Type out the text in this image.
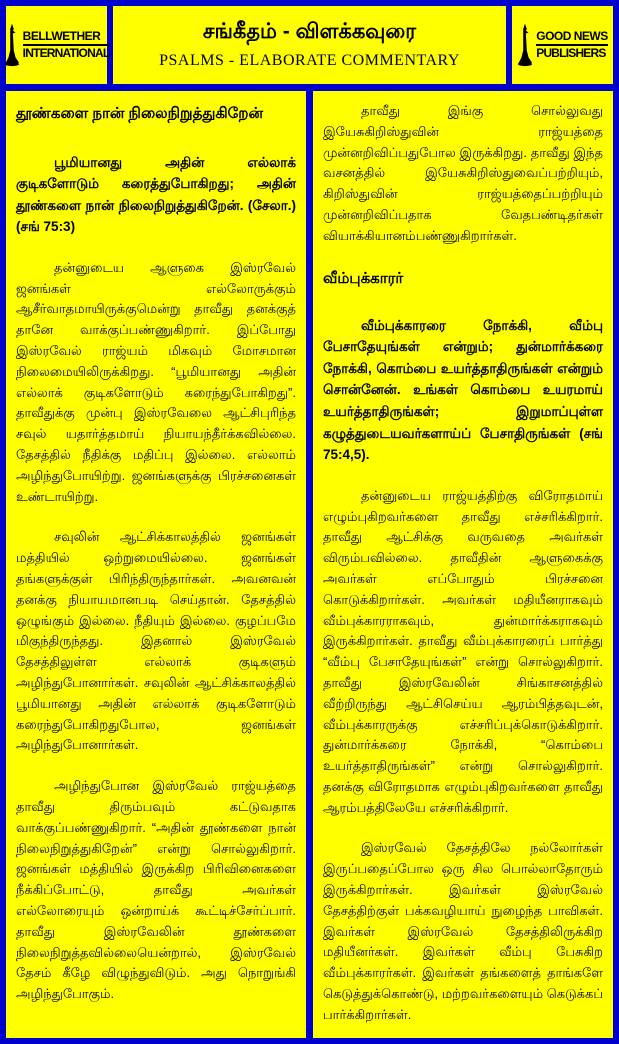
BELLWETHER
INTERNATIONAL
சங்கீதம் - விளக்கவுரை
PSALMS - ELABORATE COMMENTARY
GOOD NEWS
PUBLISHERS
தூண்களை நான் நிலைநிறுத்துகிறேன்

பூமியானது அதின் எல்லாக் குடிகளோடும் கரைத்துபோகிறது; அதின் தூண்களை நான் நிலைநிறுத்துகிறேன். (சேலா.) (சங் 75:3)

தன்னுடைய ஆளுகை இஸ்ரவேல் ஜனங்கள் எல்லோருக்கும் ஆசீர்வாதமாயிருக்குமென்று தாவீது தனக்குத் தானே வாக்குப்பண்ணுகிறார். இப்போது இஸ்ரவேல் ராஜ்யம் மிகவும் மோசமான நிலைமையிலிருக்கிறது. “பூமியானது அதின் எல்லாக் குடிகளோடும் கரைந்துபோகிறது”. தாவீதுக்கு முன்பு இஸ்ரவேலை ஆட்சிபுரிந்த சவுல் யதார்த்தமாய் நியாயந்தீர்க்கவில்லை. தேசத்தில் நீதிக்கு மதிப்பு இல்லை. எல்லாம் அழிந்துபோயிற்று. ஜனங்களுக்கு பிரச்சனைகள் உண்டாயிற்று.

சவுலின் ஆட்சிக்காலத்தில் ஜனங்கள் மத்தியில் ஒற்றுமையில்லை. ஜனங்கள் தங்களுக்குள் பிரிந்திருந்தார்கள். அவனவன் தனக்கு நியாயமானபடி செய்தான். தேசத்தில் ஒழுங்கும் இல்லை. நீதியும் இல்லை. குழப்பமே மிகுந்திருந்தது. இதனால் இஸ்ரவேல் தேசத்திலுள்ள எல்லாக் குடிகளும் அழிந்துபோனார்கள். சவுலின் ஆட்சிக்காலத்தில் பூமியானது அதின் எல்லாக் குடிகளோடும் கரைந்துபோகிறதுபோல, ஜனங்கள் அழிந்துபோனார்கள்.

அழிந்துபோன இஸ்ரவேல் ராஜ்யத்தை தாவீது திரும்பவும் கட்டுவதாக வாக்குப்பண்ணுகிறார். “அதின் தூண்களை நான் நிலைநிறுத்துகிறேன்” என்று சொல்லுகிறார். ஜனங்கள் மத்தியில் இருக்கிற பிரிவினைகளை நீக்கிப்போட்டு, தாவீது அவர்கள் எல்லோரையும் ஒன்றாய்க் கூட்டிச்சேர்ப்பார். தாவீது இஸ்ரவேலின் தூண்களை நிலைநிறுத்தவில்லையென்றால், இஸ்ரவேல் தேசம் கீழே விழுந்துவிடும். அது நொறுங்கி அழிந்துபோகும்.

தாவீது இங்கு சொல்லுவது இயேசுகிறிஸ்துவின் ராஜ்யத்தை முன்னறிவிப்பதுபோல இருக்கிறது. தாவீது இந்த வசனத்தில் இயேசுகிறிஸ்துவைப்பற்றியும், கிறிஸ்துவின் ராஜ்யத்தைப்பற்றியும் முன்னறிவிப்பதாக வேதபண்டிதர்கள் வியாக்கியானம்பண்ணுகிறார்கள்.

வீம்புக்காரர்

வீம்புக்காரரை நோக்கி, வீம்பு பேசாதேயுங்கள் என்றும்; துன்மார்க்கரை நோக்கி, கொம்பை உயர்த்தாதிருங்கள் என்றும் சொன்னேன். உங்கள் கொம்பை உயரமாய் உயர்த்தாதிருங்கள்; இறுமாப்புள்ள கழுத்துடையவர்களாய்ப் பேசாதிருங்கள் (சங் 75:4,5).

தன்னுடைய ராஜ்யத்திற்கு விரோதமாய் எழும்புகிறவர்களை தாவீது எச்சரிக்கிறார். தாவீது ஆட்சிக்கு வருவதை அவர்கள் விரும்பவில்லை. தாவீதின் ஆளுகைக்கு அவர்கள் எப்போதும் பிரச்சனை கொடுக்கிறார்கள். அவர்கள் மதியீனராகவும் வீம்புக்காரராகவும், துன்மார்க்கராகவும் இருக்கிறார்கள். தாவீது வீம்புக்காரரைப் பார்த்து “வீம்பு பேசாதேயுங்கள்” என்று சொல்லுகிறார். தாவீது இஸ்ரவேலின் சிங்காசனத்தில் வீற்றிருந்து ஆட்சிசெய்ய ஆரம்பித்தவுடன், வீம்புக்காரருக்கு எச்சரிப்புக்கொடுக்கிறார். துன்மார்க்கரை நோக்கி, “கொம்பை உயர்த்தாதிருங்கள்” என்று சொல்லுகிறார். தனக்கு விரோதமாக எழும்புகிறவர்களை தாவீது ஆரம்பத்திலேயே எச்சரிக்கிறார்.

இஸ்ரவேல் தேசத்திலே நல்லோர்கள் இருப்பதைப்போல ஒரு சில பொல்லாதோரும் இருக்கிறார்கள். இவர்கள் இஸ்ரவேல் தேசத்திற்குள் பக்கவழியாய் நுழைந்த பாவிகள். இவர்கள் இஸ்ரவேல் தேசத்திலிருக்கிற மதியீனர்கள். இவர்கள் வீம்பு பேசுகிற வீம்புக்காரர்கள். இவர்கள் தங்களைத் தாங்களே கெடுத்துக்கொண்டு, மற்றவர்களையும் கெடுக்கப் பார்க்கிறார்கள்.
